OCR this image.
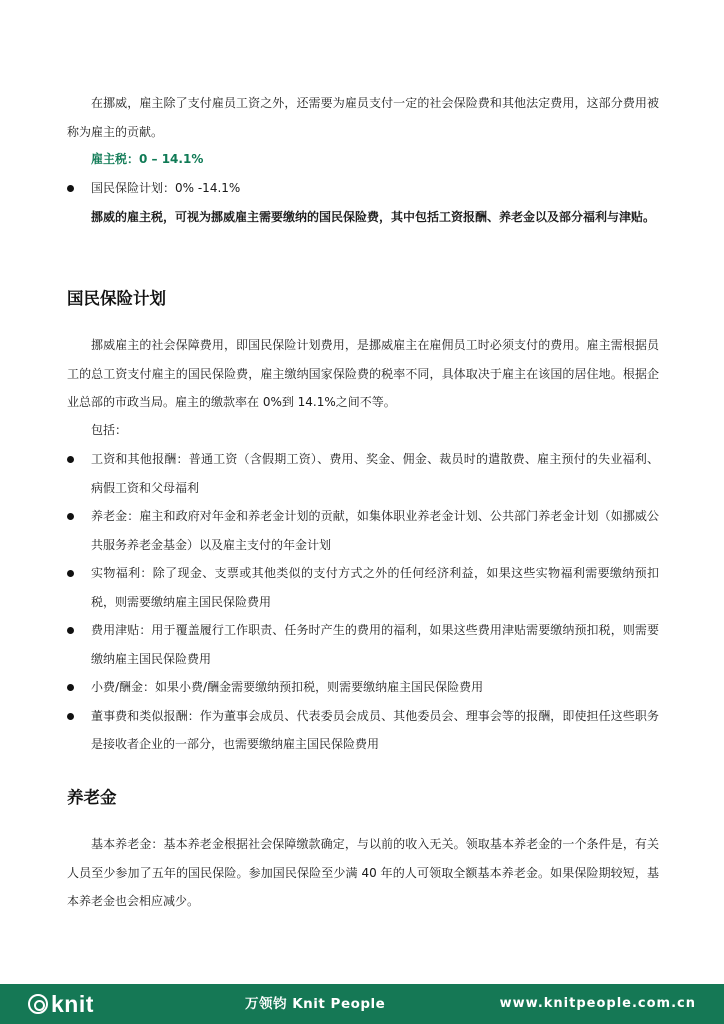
在挪威，雇主除了支付雇员工资之外，还需要为雇员支付一定的社会保险费和其他法定费用，这部分费用被称为雇主的贡献。

雇主税：0 – 14.1%

国民保险计划：0% -14.1%

挪威的雇主税，可视为挪威雇主需要缴纳的国民保险费，其中包括工资报酬、养老金以及部分福利与津贴。

国民保险计划

挪威雇主的社会保障费用，即国民保险计划费用，是挪威雇主在雇佣员工时必须支付的费用。雇主需根据员工的总工资支付雇主的国民保险费，雇主缴纳国家保险费的税率不同，具体取决于雇主在该国的居住地。根据企业总部的市政当局。雇主的缴款率在 0%到 14.1%之间不等。

包括：

工资和其他报酬：普通工资（含假期工资）、费用、奖金、佣金、裁员时的遣散费、雇主预付的失业福利、病假工资和父母福利
养老金：雇主和政府对年金和养老金计划的贡献，如集体职业养老金计划、公共部门养老金计划（如挪威公共服务养老金基金）以及雇主支付的年金计划
实物福利：除了现金、支票或其他类似的支付方式之外的任何经济利益，如果这些实物福利需要缴纳预扣税，则需要缴纳雇主国民保险费用
费用津贴：用于覆盖履行工作职责、任务时产生的费用的福利，如果这些费用津贴需要缴纳预扣税，则需要缴纳雇主国民保险费用
小费/酬金：如果小费/酬金需要缴纳预扣税，则需要缴纳雇主国民保险费用
董事费和类似报酬：作为董事会成员、代表委员会成员、其他委员会、理事会等的报酬，即使担任这些职务是接收者企业的一部分，也需要缴纳雇主国民保险费用
养老金

基本养老金：基本养老金根据社会保障缴款确定，与以前的收入无关。领取基本养老金的一个条件是，有关人员至少参加了五年的国民保险。参加国民保险至少满 40 年的人可领取全额基本养老金。如果保险期较短，基本养老金也会相应减少。

knit	万领钧 Knit People	www.knitpeople.com.cn
